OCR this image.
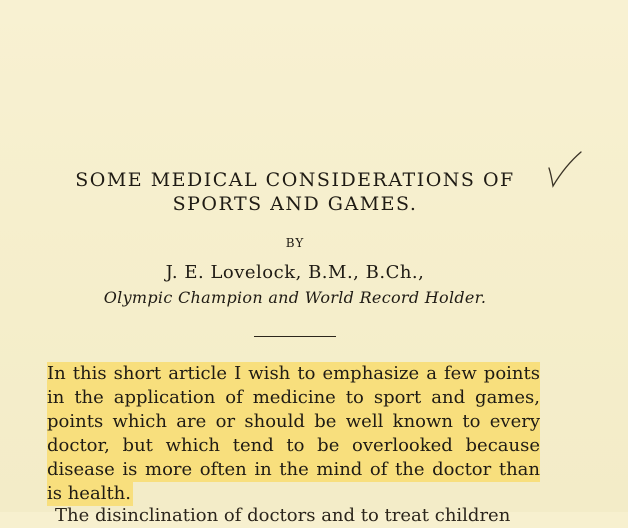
SOME MEDICAL CONSIDERATIONS OF
SPORTS AND GAMES.
BY
J. E. Lovelock, B.M., B.Ch.,
Olympic Champion and World Record Holder.
In this short article I wish to emphasize a few points
in the application of medicine to sport and games,
points which are or should be well known to every
doctor, but which tend to be overlooked because
disease is more often in the mind of the doctor than
is health.
The disinclination of doctors and to treat children
